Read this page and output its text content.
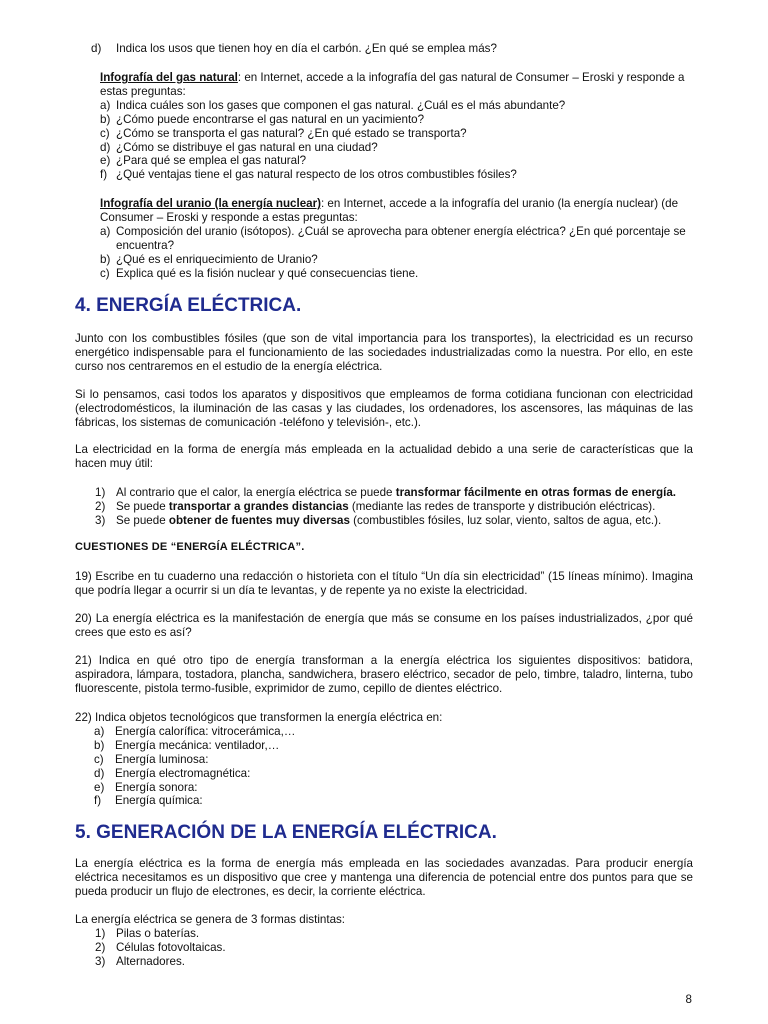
d) Indica los usos que tienen hoy en día el carbón. ¿En qué se emplea más?

Infografía del gas natural: en Internet, accede a la infografía del gas natural de Consumer – Eroski y responde a estas preguntas:

a) Indica cuáles son los gases que componen el gas natural. ¿Cuál es el más abundante?
b) ¿Cómo puede encontrarse el gas natural en un yacimiento?
c) ¿Cómo se transporta el gas natural? ¿En qué estado se transporta?
d) ¿Cómo se distribuye el gas natural en una ciudad?
e) ¿Para qué se emplea el gas natural?
f) ¿Qué ventajas tiene el gas natural respecto de los otros combustibles fósiles?

Infografía del uranio (la energía nuclear): en Internet, accede a la infografía del uranio (la energía nuclear) (de Consumer – Eroski y responde a estas preguntas:

a) Composición del uranio (isótopos). ¿Cuál se aprovecha para obtener energía eléctrica? ¿En qué porcentaje se encuentra?
b) ¿Qué es el enriquecimiento de Uranio?
c) Explica qué es la fisión nuclear y qué consecuencias tiene.
4. ENERGÍA ELÉCTRICA.

Junto con los combustibles fósiles (que son de vital importancia para los transportes), la electricidad es un recurso energético indispensable para el funcionamiento de las sociedades industrializadas como la nuestra. Por ello, en este curso nos centraremos en el estudio de la energía eléctrica.

Si lo pensamos, casi todos los aparatos y dispositivos que empleamos de forma cotidiana funcionan con electricidad (electrodomésticos, la iluminación de las casas y las ciudades, los ordenadores, los ascensores, las máquinas de las fábricas, los sistemas de comunicación -teléfono y televisión-, etc.).

La electricidad en la forma de energía más empleada en la actualidad debido a una serie de características que la hacen muy útil:

1) Al contrario que el calor, la energía eléctrica se puede transformar fácilmente en otras formas de energía.
2) Se puede transportar a grandes distancias (mediante las redes de transporte y distribución eléctricas).
3) Se puede obtener de fuentes muy diversas (combustibles fósiles, luz solar, viento, saltos de agua, etc.).
CUESTIONES DE “ENERGÍA ELÉCTRICA”.

19) Escribe en tu cuaderno una redacción o historieta con el título “Un día sin electricidad” (15 líneas mínimo). Imagina que podría llegar a ocurrir si un día te levantas, y de repente ya no existe la electricidad.

20) La energía eléctrica es la manifestación de energía que más se consume en los países industrializados, ¿por qué crees que esto es así?

21) Indica en qué otro tipo de energía transforman a la energía eléctrica los siguientes dispositivos: batidora, aspiradora, lámpara, tostadora, plancha, sandwichera, brasero eléctrico, secador de pelo, timbre, taladro, linterna, tubo fluorescente, pistola termo-fusible, exprimidor de zumo, cepillo de dientes eléctrico.

22) Indica objetos tecnológicos que transformen la energía eléctrica en:

a) Energía calorífica: vitrocerámica,…
b) Energía mecánica: ventilador,…
c) Energía luminosa:
d) Energía electromagnética:
e) Energía sonora:
f) Energía química:
5. GENERACIÓN DE LA ENERGÍA ELÉCTRICA.

La energía eléctrica es la forma de energía más empleada en las sociedades avanzadas. Para producir energía eléctrica necesitamos es un dispositivo que cree y mantenga una diferencia de potencial entre dos puntos para que se pueda producir un flujo de electrones, es decir, la corriente eléctrica.

La energía eléctrica se genera de 3 formas distintas:

1) Pilas o baterías.
2) Células fotovoltaicas.
3) Alternadores.
8
